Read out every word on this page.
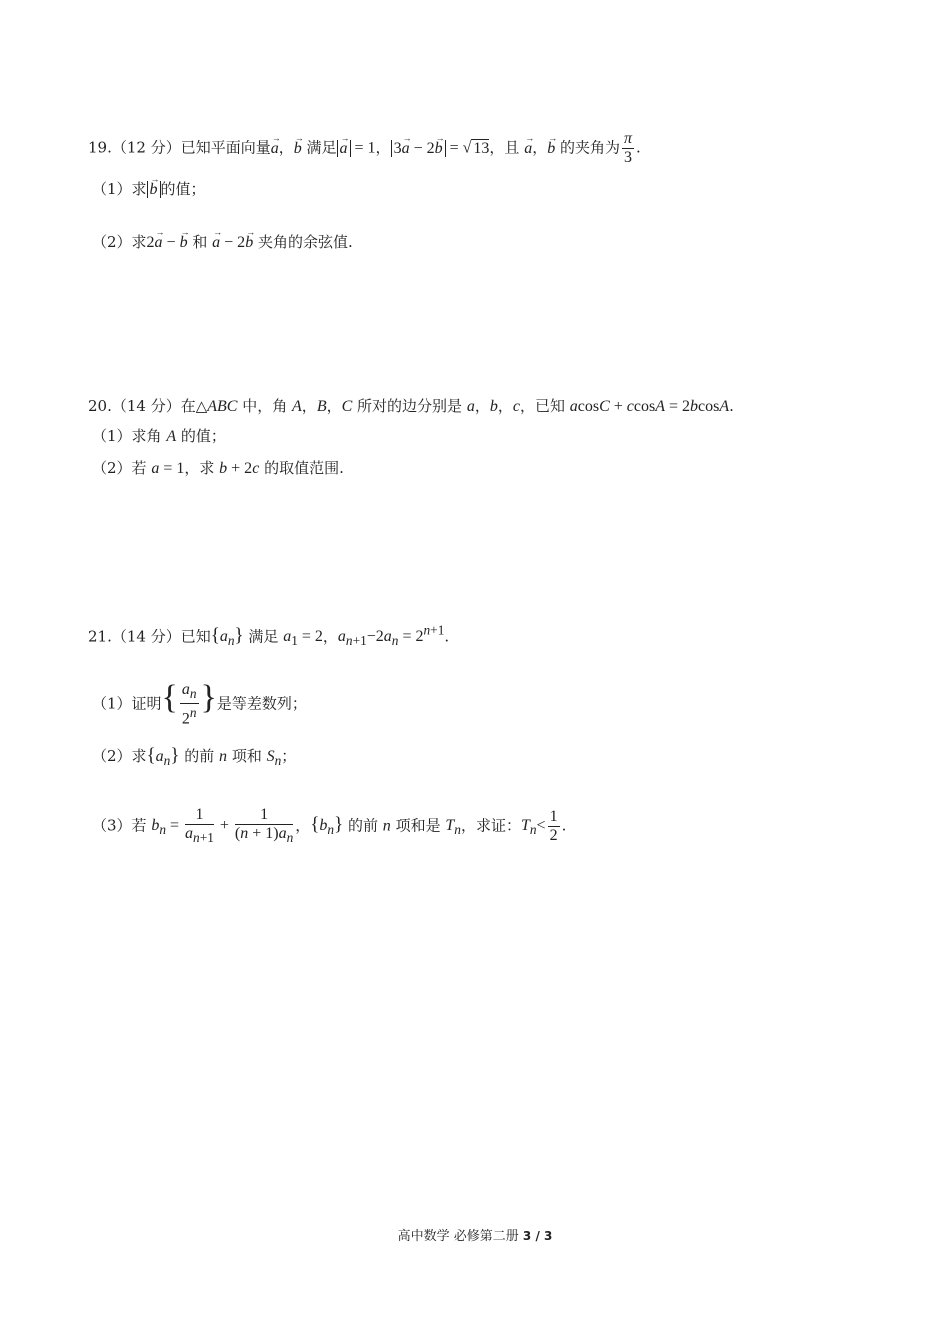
19.（12 分）已知平面向量→ a，→ b 满足 → a = 1， 3→ a − 2→ b = √ 13，且 → a，→ b 的夹角为 $\frac{\pi}{3}$ .
（1）求 → b 的值；
（2）求2→ a − → b 和 → a − 2→ b 夹角的余弦值.
20.（14 分）在△ABC 中，角 A，B，C 所对的边分别是 a，b，c，已知 acosC + ccosA = 2bcosA.
（1）求角 A 的值；
（2）若 a = 1，求 b + 2c 的取值范围.
21.（14 分）已知$\{a_n\}$ 满足 $a_1 = 2$，$a_{n+1}-2a_n = 2^{n+1}$.
（1）证明{ $\frac{a_n}{2^n}$ }是等差数列；
（2）求$\{a_n\}$ 的前 n 项和 $S_n$；
（3）若 $b_n = \frac{1}{a_{n+1}} + \frac{1}{(n + 1)a_n}$ ，$\{b_n\}$ 的前 n 项和是 $T_n$，求证：$T_n< \frac{1}{2}$ .
高中数学 必修第二册 3 / 3
